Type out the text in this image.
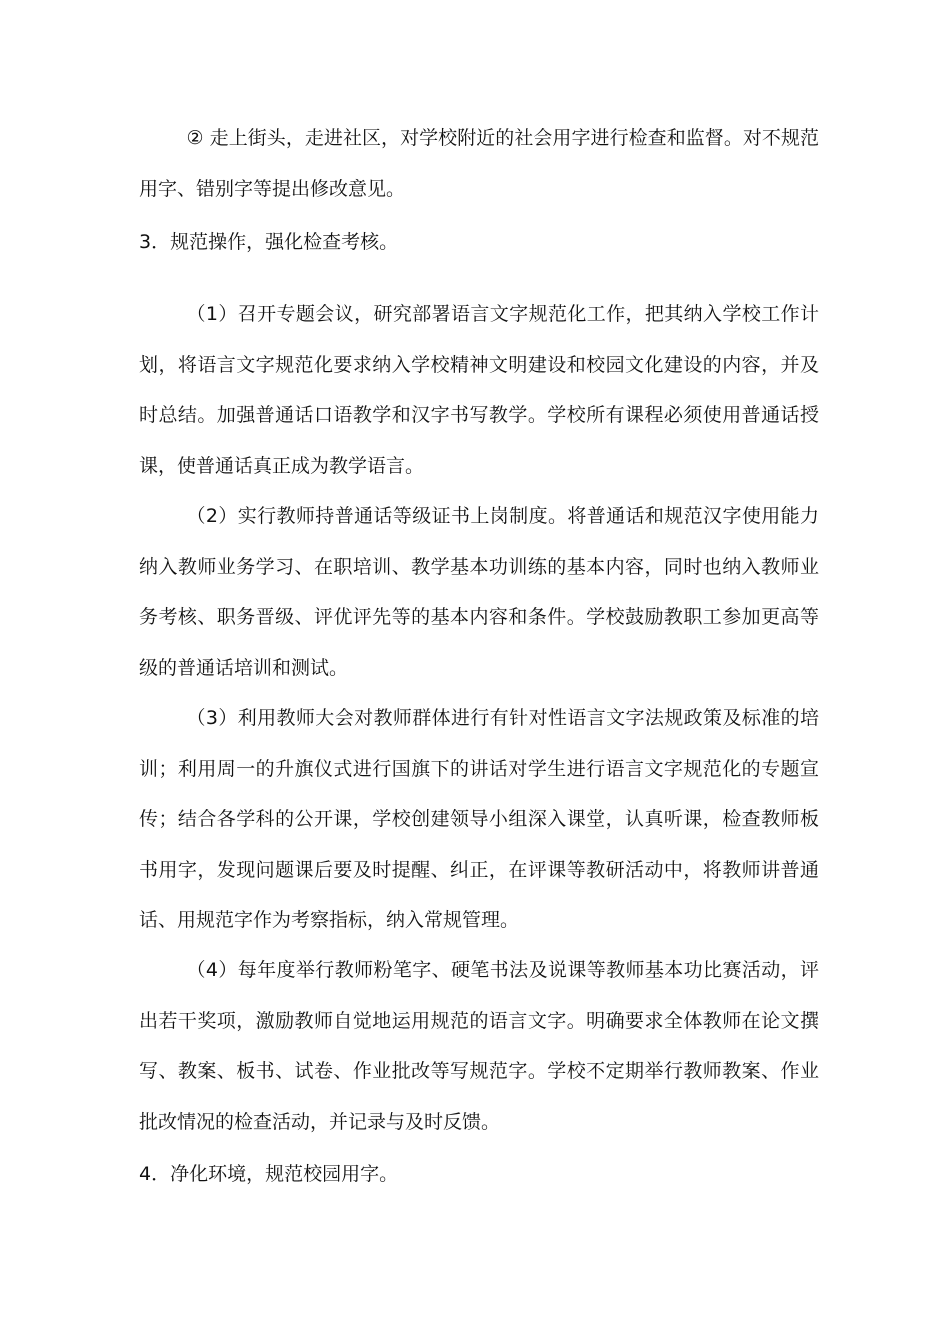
② 走上街头，走进社区，对学校附近的社会用字进行检查和监督。对不规范用字、错别字等提出修改意见。

3．规范操作，强化检查考核。

（1）召开专题会议，研究部署语言文字规范化工作，把其纳入学校工作计划，将语言文字规范化要求纳入学校精神文明建设和校园文化建设的内容，并及时总结。加强普通话口语教学和汉字书写教学。学校所有课程必须使用普通话授课，使普通话真正成为教学语言。

（2）实行教师持普通话等级证书上岗制度。将普通话和规范汉字使用能力纳入教师业务学习、在职培训、教学基本功训练的基本内容，同时也纳入教师业务考核、职务晋级、评优评先等的基本内容和条件。学校鼓励教职工参加更高等级的普通话培训和测试。

（3）利用教师大会对教师群体进行有针对性语言文字法规政策及标准的培训；利用周一的升旗仪式进行国旗下的讲话对学生进行语言文字规范化的专题宣传；结合各学科的公开课，学校创建领导小组深入课堂，认真听课，检查教师板书用字，发现问题课后要及时提醒、纠正，在评课等教研活动中，将教师讲普通话、用规范字作为考察指标，纳入常规管理。

（4）每年度举行教师粉笔字、硬笔书法及说课等教师基本功比赛活动，评出若干奖项，激励教师自觉地运用规范的语言文字。明确要求全体教师在论文撰写、教案、板书、试卷、作业批改等写规范字。学校不定期举行教师教案、作业批改情况的检查活动，并记录与及时反馈。

4．净化环境，规范校园用字。
